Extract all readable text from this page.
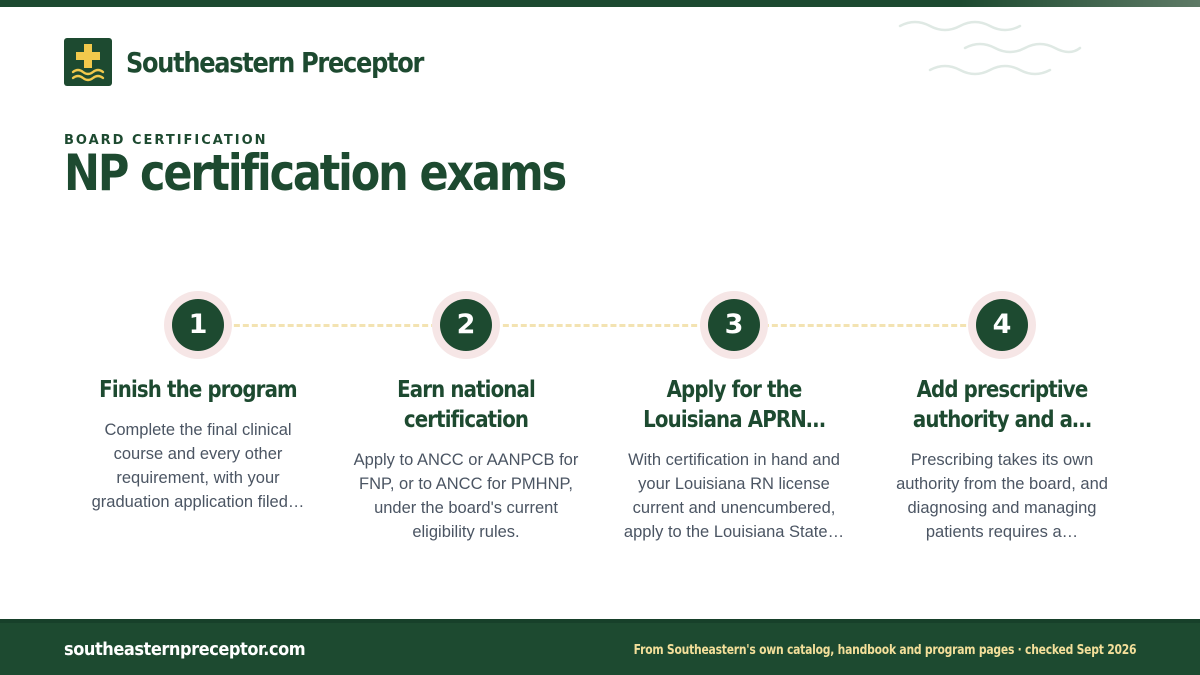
Southeastern Preceptor
BOARD CERTIFICATION
NP certification exams
1
Finish the program
Complete the final clinical course and every other requirement, with your graduation application filed…
2
Earn national
certification
Apply to ANCC or AANPCB for FNP, or to ANCC for PMHNP, under the board's current eligibility rules.
3
Apply for the
Louisiana APRN…
With certification in hand and your Louisiana RN license current and unencumbered, apply to the Louisiana State…
4
Add prescriptive
authority and a…
Prescribing takes its own authority from the board, and diagnosing and managing patients requires a…
southeasternpreceptor.com	From Southeastern's own catalog, handbook and program pages · checked Sept 2026
